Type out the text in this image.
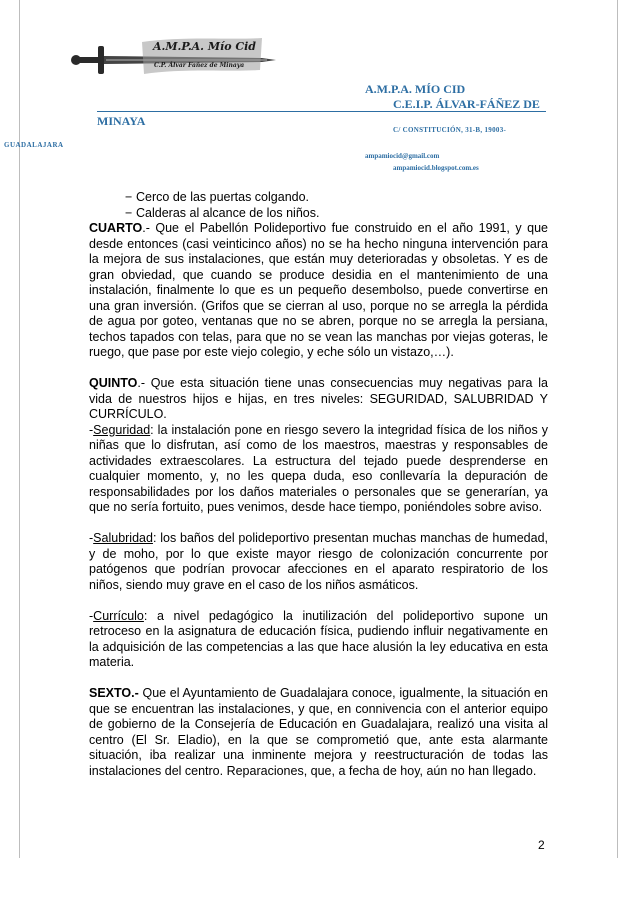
A.M.P.A. Mío Cid
C.P. Álvar Fañez de Minaya
A.M.P.A. MÍO CID
C.E.I.P. ÁLVAR-FÁÑEZ DE
MINAYA
C/ CONSTITUCIÓN, 31-B, 19003-
GUADALAJARA
ampamiocid@gmail.com
ampamiocid.blogspot.com.es
− Cerco de las puertas colgando.
− Calderas al alcance de los niños.

CUARTO.- Que el Pabellón Polideportivo fue construido en el año 1991, y que desde entonces (casi veinticinco años) no se ha hecho ninguna intervención para la mejora de sus instalaciones, que están muy deterioradas y obsoletas. Y es de gran obviedad, que cuando se produce desidia en el mantenimiento de una instalación, finalmente lo que es un pequeño desembolso, puede convertirse en una gran inversión. (Grifos que se cierran al uso, porque no se arregla la pérdida de agua por goteo, ventanas que no se abren, porque no se arregla la persiana, techos tapados con telas, para que no se vean las manchas por viejas goteras, le ruego, que pase por este viejo colegio, y eche sólo un vistazo,…).

QUINTO.- Que esta situación tiene unas consecuencias muy negativas para la vida de nuestros hijos e hijas, en tres niveles: SEGURIDAD, SALUBRIDAD Y CURRÍCULO.

-Seguridad: la instalación pone en riesgo severo la integridad física de los niños y niñas que lo disfrutan, así como de los maestros, maestras y responsables de actividades extraescolares. La estructura del tejado puede desprenderse en cualquier momento, y, no les quepa duda, eso conllevaría la depuración de responsabilidades por los daños materiales o personales que se generarían, ya que no sería fortuito, pues venimos, desde hace tiempo, poniéndoles sobre aviso.

-Salubridad: los baños del polideportivo presentan muchas manchas de humedad, y de moho, por lo que existe mayor riesgo de colonización concurrente por patógenos que podrían provocar afecciones en el aparato respiratorio de los niños, siendo muy grave en el caso de los niños asmáticos.

-Currículo: a nivel pedagógico la inutilización del polideportivo supone un retroceso en la asignatura de educación física, pudiendo influir negativamente en la adquisición de las competencias a las que hace alusión la ley educativa en esta materia.

SEXTO.- Que el Ayuntamiento de Guadalajara conoce, igualmente, la situación en que se encuentran las instalaciones, y que, en connivencia con el anterior equipo de gobierno de la Consejería de Educación en Guadalajara, realizó una visita al centro (El Sr. Eladio), en la que se comprometió que, ante esta alarmante situación, iba realizar una inminente mejora y reestructuración de todas las instalaciones del centro. Reparaciones, que, a fecha de hoy, aún no han llegado.

2
